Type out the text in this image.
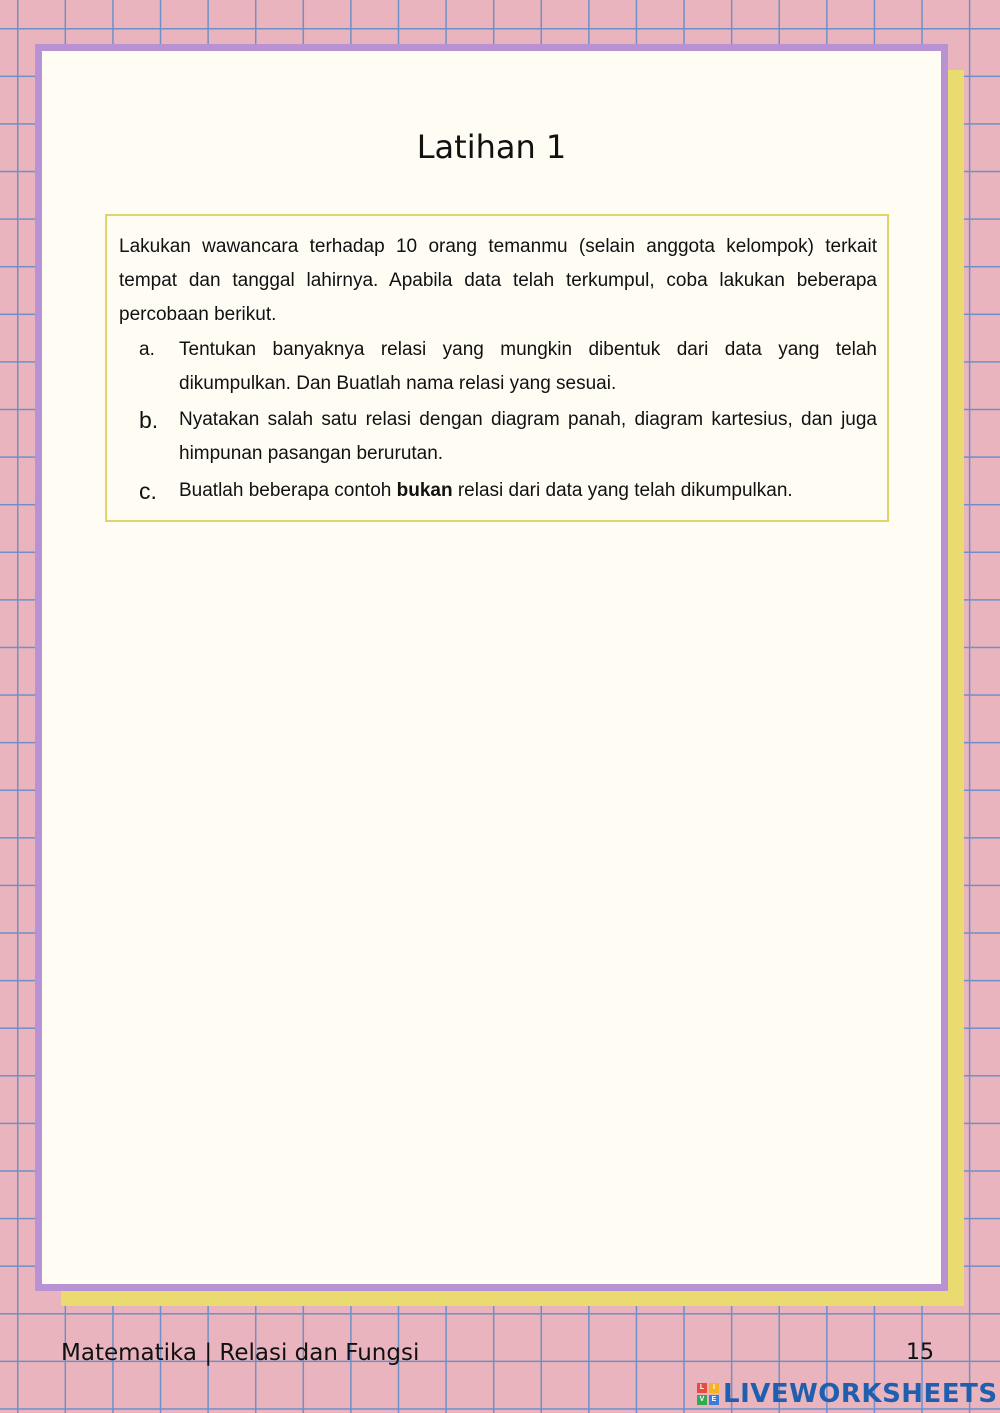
Latihan 1
Lakukan wawancara terhadap 10 orang temanmu (selain anggota kelompok) terkait tempat dan tanggal lahirnya. Apabila data telah terkumpul, coba lakukan beberapa percobaan berikut.
a.	Tentukan banyaknya relasi yang mungkin dibentuk dari data yang telah dikumpulkan. Dan Buatlah nama relasi yang sesuai.
b.	Nyatakan salah satu relasi dengan diagram panah, diagram kartesius, dan juga himpunan pasangan berurutan.
c.	Buatlah beberapa contoh bukan relasi dari data yang telah dikumpulkan.
Matematika | Relasi dan Fungsi	15
L	I
V	E LIVEWORKSHEETS
